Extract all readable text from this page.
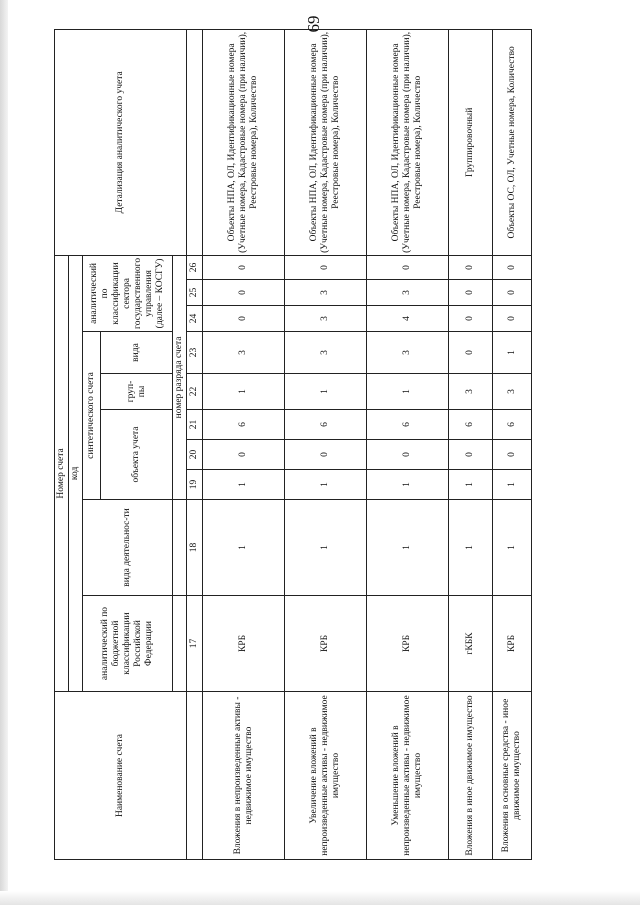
69
Наименование счета	Номер счета										Детализация аналитического учета
	код										
	аналитический по бюджетной классификации Российской Федерации	вида деятельнос-ти	синтетического счета					аналитический по классификации сектора государственного управления (далее – КОСГУ)			
			объекта учета			груп-пы	вида				
			номер разряда счета								
	17	18	19	20	21	22	23	24	25	26	
Вложения в непроизведенные активы - недвижимое имущество	КРБ	1	1	0	6	1	3	0	0	0	Объекты НПА, ОЛ, Идентификационные номера (Учетные номера, Кадастровые номера (при наличии), Реестровые номера), Количество
Увеличение вложений в непроизведенные активы - недвижимое имущество	КРБ	1	1	0	6	1	3	3	3	0	Объекты НПА, ОЛ, Идентификационные номера (Учетные номера, Кадастровые номера (при наличии), Реестровые номера), Количество
Уменьшение вложений в непроизведенные активы - недвижимое имущество	КРБ	1	1	0	6	1	3	4	3	0	Объекты НПА, ОЛ, Идентификационные номера (Учетные номера, Кадастровые номера (при наличии), Реестровые номера), Количество
Вложения в иное движимое имущество	гКБК	1	1	0	6	3	0	0	0	0	Группировочный
Вложения в основные средства - иное движимое имущество	КРБ	1	1	0	6	3	1	0	0	0	Объекты ОС, ОЛ, Учетные номера, Количество
